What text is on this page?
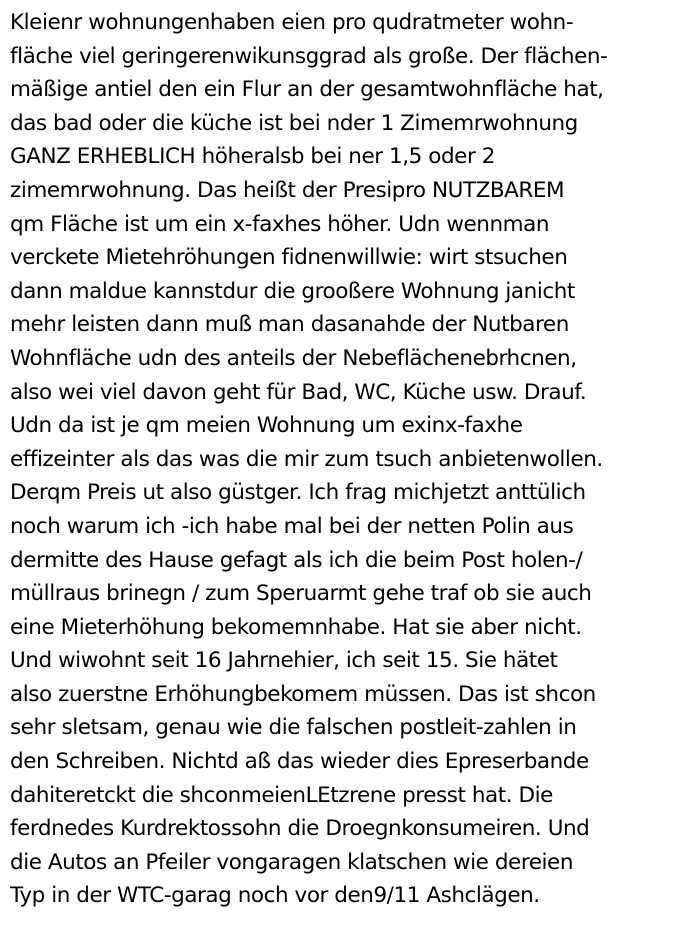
Kleienr wohnungenhaben eien pro qudratmeter wohn-
fläche viel geringerenwikunsggrad als große. Der flächen-
mäßige antiel den ein Flur an der gesamtwohnfläche hat,
das bad oder die küche ist bei nder 1 Zimemrwohnung
GANZ ERHEBLICH höheralsb bei ner 1,5 oder 2
zimemrwohnung. Das heißt der Presipro NUTZBAREM
qm Fläche ist um ein x-faxhes höher. Udn wennman
verckete Mietehröhungen fidnenwillwie: wirt stsuchen
dann maldue kannstdur die grooßere Wohnung janicht
mehr leisten dann muß man dasanahde der Nutbaren
Wohnfläche udn des anteils der Nebeflächenebrhcnen,
also wei viel davon geht für Bad, WC, Küche usw. Drauf.
Udn da ist je qm meien Wohnung um exinx-faxhe
effizeinter als das was die mir zum tsuch anbietenwollen.
Derqm Preis ut also güstger. Ich frag michjetzt anttülich
noch warum ich -ich habe mal bei der netten Polin aus
dermitte des Hause gefagt als ich die beim Post holen-/
müllraus brinegn / zum Speruarmt gehe traf ob sie auch
eine Mieterhöhung bekomemnhabe. Hat sie aber nicht.
Und wiwohnt seit 16 Jahrnehier, ich seit 15. Sie hätet
also zuerstne Erhöhungbekomem müssen. Das ist shcon
sehr sletsam, genau wie die falschen postleit-zahlen in
den Schreiben. Nichtd aß das wieder dies Epreserbande
dahiteretckt die shconmeienLEtzrene presst hat. Die
ferdnedes Kurdrektossohn die Droegnkonsumeiren. Und
die Autos an Pfeiler vongaragen klatschen wie dereien
Typ in der WTC-garag noch vor den9/11 Ashclägen.
